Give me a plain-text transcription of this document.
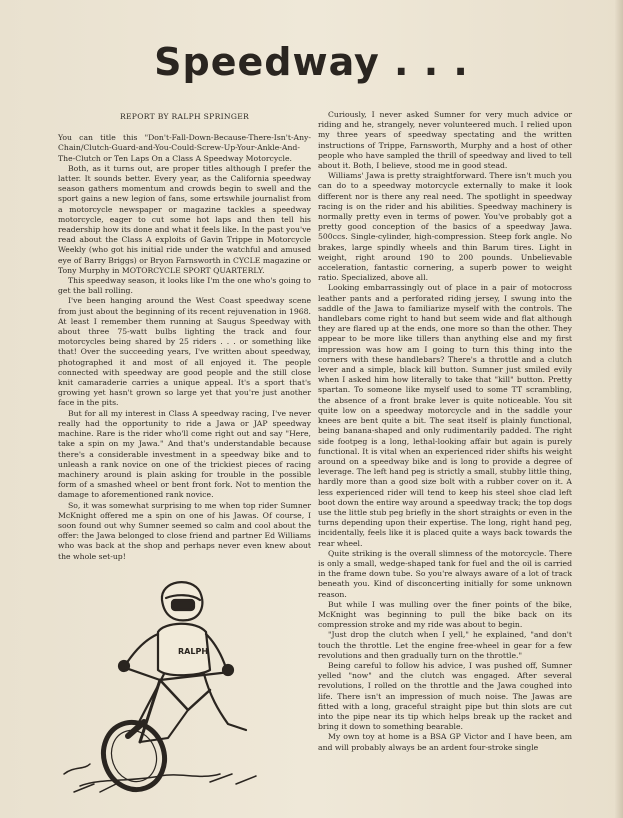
Speedway . . .
REPORT BY RALPH SPRINGER

You can title this "Don't-Fall-Down-Because-There-Isn't-Any-Chain/Clutch-Guard-and-You-Could-Screw-Up-Your-Ankle-And-The-Clutch or Ten Laps On a Class A Speedway Motorcycle.

Both, as it turns out, are proper titles although I prefer the latter. It sounds better. Every year, as the California speedway season gathers momentum and crowds begin to swell and the sport gains a new legion of fans, some ertswhile journalist from a motorcycle newspaper or magazine tackles a speedway motorcycle, eager to cut some hot laps and then tell his readership how its done and what it feels like. In the past you've read about the Class A exploits of Gavin Trippe in Motorcycle Weekly (who got his initial ride under the watchful and amused eye of Barry Briggs) or Bryon Farnsworth in CYCLE magazine or Tony Murphy in MOTORCYCLE SPORT QUARTERLY.

This speedway season, it looks like I'm the one who's going to get the ball rolling.

I've been hanging around the West Coast speedway scene from just about the beginning of its recent rejuvenation in 1968. At least I remember them running at Saugus Speedway with about three 75-watt bulbs lighting the track and four motorcycles being shared by 25 riders . . . or something like that! Over the succeeding years, I've written about speedway, photographed it and most of all enjoyed it. The people connected with speedway are good people and the still close knit camaraderie carries a unique appeal. It's a sport that's growing yet hasn't grown so large yet that you're just another face in the pits.

But for all my interest in Class A speedway racing, I've never really had the opportunity to ride a Jawa or JAP speedway machine. Rare is the rider who'll come right out and say "Here, take a spin on my Jawa." And that's understandable because there's a considerable investment in a speedway bike and to unleash a rank novice on one of the trickiest pieces of racing machinery around is plain asking for trouble in the possible form of a smashed wheel or bent front fork. Not to mention the damage to aforementioned rank novice.

So, it was somewhat surprising to me when top rider Sumner McKnight offered me a spin on one of his Jawas. Of course, I soon found out why Sumner seemed so calm and cool about the offer: the Jawa belonged to close friend and partner Ed Williams who was back at the shop and perhaps never even knew about the whole set-up!

Curiously, I never asked Sumner for very much advice or riding and he, strangely, never volunteered much. I relied upon my three years of speedway spectating and the written instructions of Trippe, Farnsworth, Murphy and a host of other people who have sampled the thrill of speedway and lived to tell about it. Both, I believe, stood me in good stead.

Williams' Jawa is pretty straightforward. There isn't much you can do to a speedway motorcycle externally to make it look different nor is there any real need. The spotlight in speedway racing is on the rider and his abilities. Speedway machinery is normally pretty even in terms of power. You've probably got a pretty good conception of the basics of a speedway Jawa. 500ccs. Single-cylinder, high-compression. Steep fork angle. No brakes, large spindly wheels and thin Barum tires. Light in weight, right around 190 to 200 pounds. Unbelievable acceleration, fantastic cornering, a superb power to weight ratio. Specialized, above all.

Looking embarrassingly out of place in a pair of motocross leather pants and a perforated riding jersey, I swung into the saddle of the Jawa to familiarize myself with the controls. The handlebars come right to hand but seem wide and flat although they are flared up at the ends, one more so than the other. They appear to be more like tillers than anything else and my first impression was how am I going to turn this thing into the corners with these handlebars? There's a throttle and a clutch lever and a simple, black kill button. Sumner just smiled evily when I asked him how literally to take that "kill" button. Pretty spartan. To someone like myself used to some TT scrambling, the absence of a front brake lever is quite noticeable. You sit quite low on a speedway motorcycle and in the saddle your knees are bent quite a bit. The seat itself is plainly functional, being banana-shaped and only rudimentarily padded. The right side footpeg is a long, lethal-looking affair but again is purely functional. It is vital when an experienced rider shifts his weight around on a speedway bike and is long to provide a degree of leverage. The left hand peg is strictly a small, stubby little thing, hardly more than a good size bolt with a rubber cover on it. A less experienced rider will tend to keep his steel shoe clad left boot down the entire way around a speedway track; the top dogs use the little stub peg briefly in the short straights or even in the turns depending upon their expertise. The long, right hand peg, incidentally, feels like it is placed quite a ways back towards the rear wheel.

Quite striking is the overall slimness of the motorcycle. There is only a small, wedge-shaped tank for fuel and the oil is carried in the frame down tube. So you're always aware of a lot of track beneath you. Kind of disconcerting initially for some unknown reason.

But while I was mulling over the finer points of the bike, McKnight was beginning to pull the bike back on its compression stroke and my ride was about to begin.

"Just drop the clutch when I yell," he explained, "and don't touch the throttle. Let the engine free-wheel in gear for a few revolutions and then gradually turn on the throttle."

Being careful to follow his advice, I was pushed off, Sumner yelled "now" and the clutch was engaged. After several revolutions, I rolled on the throttle and the Jawa coughed into life. There isn't an impression of much noise. The Jawas are fitted with a long, graceful straight pipe but thin slots are cut into the pipe near its tip which helps break up the racket and bring it down to something bearable.

My own toy at home is a BSA GP Victor and I have been, am and will probably always be an ardent four-stroke single

RALPH
